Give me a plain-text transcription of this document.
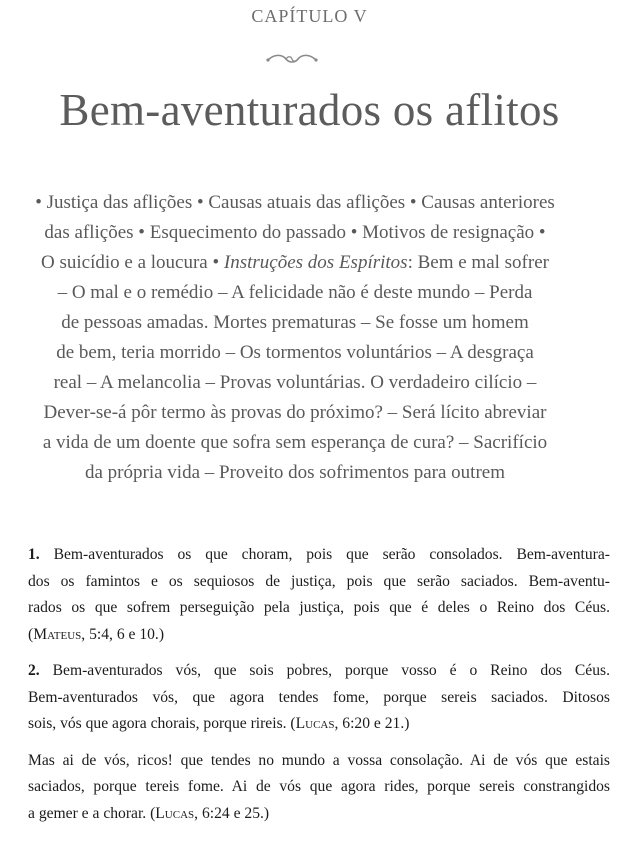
CAPÍTULO V
Bem-aventurados os aflitos
• Justiça das aflições • Causas atuais das aflições • Causas anteriores
das aflições • Esquecimento do passado • Motivos de resignação •
O suicídio e a loucura • Instruções dos Espíritos: Bem e mal sofrer
– O mal e o remédio – A felicidade não é deste mundo – Perda
de pessoas amadas. Mortes prematuras – Se fosse um homem
de bem, teria morrido – Os tormentos voluntários – A desgraça
real – A melancolia – Provas voluntárias. O verdadeiro cilício –
Dever-se-á pôr termo às provas do próximo? – Será lícito abreviar
a vida de um doente que sofra sem esperança de cura? – Sacrifício
da própria vida – Proveito dos sofrimentos para outrem
1. Bem-aventurados os que choram, pois que serão consolados. Bem-aventura-
dos os famintos e os sequiosos de justiça, pois que serão saciados. Bem-aventu-
rados os que sofrem perseguição pela justiça, pois que é deles o Reino dos Céus.
(Mateus, 5:4, 6 e 10.)
2. Bem-aventurados vós, que sois pobres, porque vosso é o Reino dos Céus.
Bem-aventurados vós, que agora tendes fome, porque sereis saciados. Ditosos
sois, vós que agora chorais, porque rireis. (Lucas, 6:20 e 21.)
Mas ai de vós, ricos! que tendes no mundo a vossa consolação. Ai de vós que estais
saciados, porque tereis fome. Ai de vós que agora rides, porque sereis constrangidos
a gemer e a chorar. (Lucas, 6:24 e 25.)
